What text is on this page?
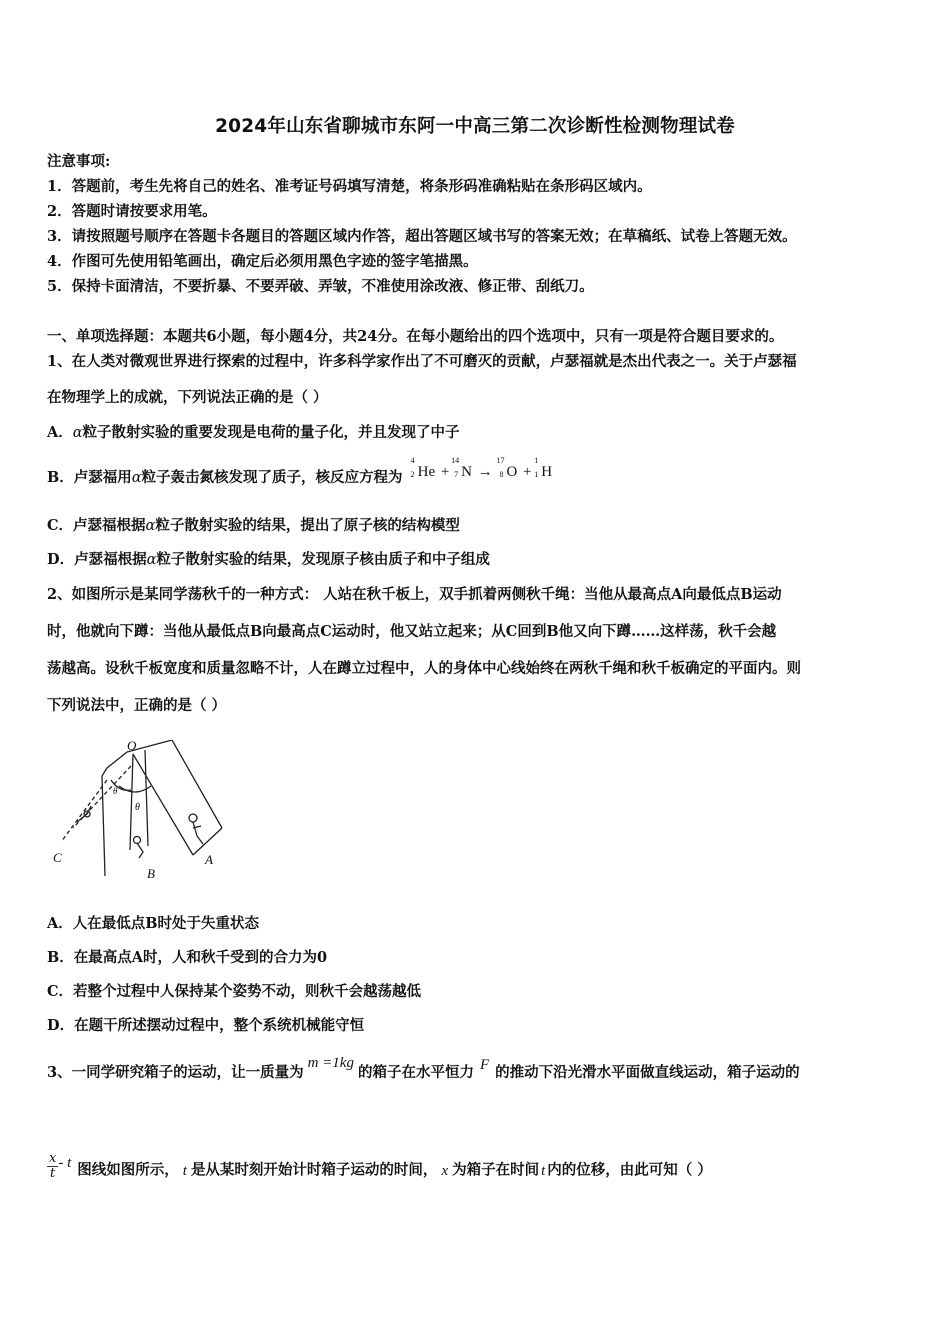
2024年山东省聊城市东阿一中高三第二次诊断性检测物理试卷
注意事项:
1．答题前，考生先将自己的姓名、准考证号码填写清楚，将条形码准确粘贴在条形码区域内。
2．答题时请按要求用笔。
3．请按照题号顺序在答题卡各题目的答题区域内作答，超出答题区域书写的答案无效；在草稿纸、试卷上答题无效。
4．作图可先使用铅笔画出，确定后必须用黑色字迹的签字笔描黑。
5．保持卡面清洁，不要折暴、不要弄破、弄皱，不准使用涂改液、修正带、刮纸刀。
一、单项选择题：本题共6小题，每小题4分，共24分。在每小题给出的四个选项中，只有一项是符合题目要求的。
1、在人类对微观世界进行探索的过程中，许多科学家作出了不可磨灭的贡献，卢瑟福就是杰出代表之一。关于卢瑟福
在物理学上的成就，下列说法正确的是（ ）
A．α粒子散射实验的重要发现是电荷的量子化，并且发现了中子
B．卢瑟福用α粒子轰击氮核发现了质子，核反应方程为
4
2 He +
14
7 N →
17
8 O +
1
1 H
C．卢瑟福根据α粒子散射实验的结果，提出了原子核的结构模型
D．卢瑟福根据α粒子散射实验的结果，发现原子核由质子和中子组成
2、如图所示是某同学荡秋千的一种方式： 人站在秋千板上，双手抓着两侧秋千绳：当他从最高点A向最低点B运动
时，他就向下蹲：当他从最低点B向最高点C运动时，他又站立起来；从C回到B他又向下蹲……这样荡，秋千会越
荡越高。设秋千板宽度和质量忽略不计，人在蹲立过程中，人的身体中心线始终在两秋千绳和秋千板确定的平面内。则
下列说法中，正确的是（ ）
O
A
B
C
θ
θ
A．人在最低点B时处于失重状态
B．在最高点A时，人和秋千受到的合力为0
C．若整个过程中人保持某个姿势不动，则秋千会越荡越低
D．在题干所述摆动过程中，整个系统机械能守恒
3、一同学研究箱子的运动，让一质量为m =1kg的箱子在水平恒力 F 的推动下沿光滑水平面做直线运动，箱子运动的
$\frac{x}{t}$ - t 图线如图所示， t 是从某时刻开始计时箱子运动的时间， x 为箱子在时间 t 内的位移，由此可知（ ）
